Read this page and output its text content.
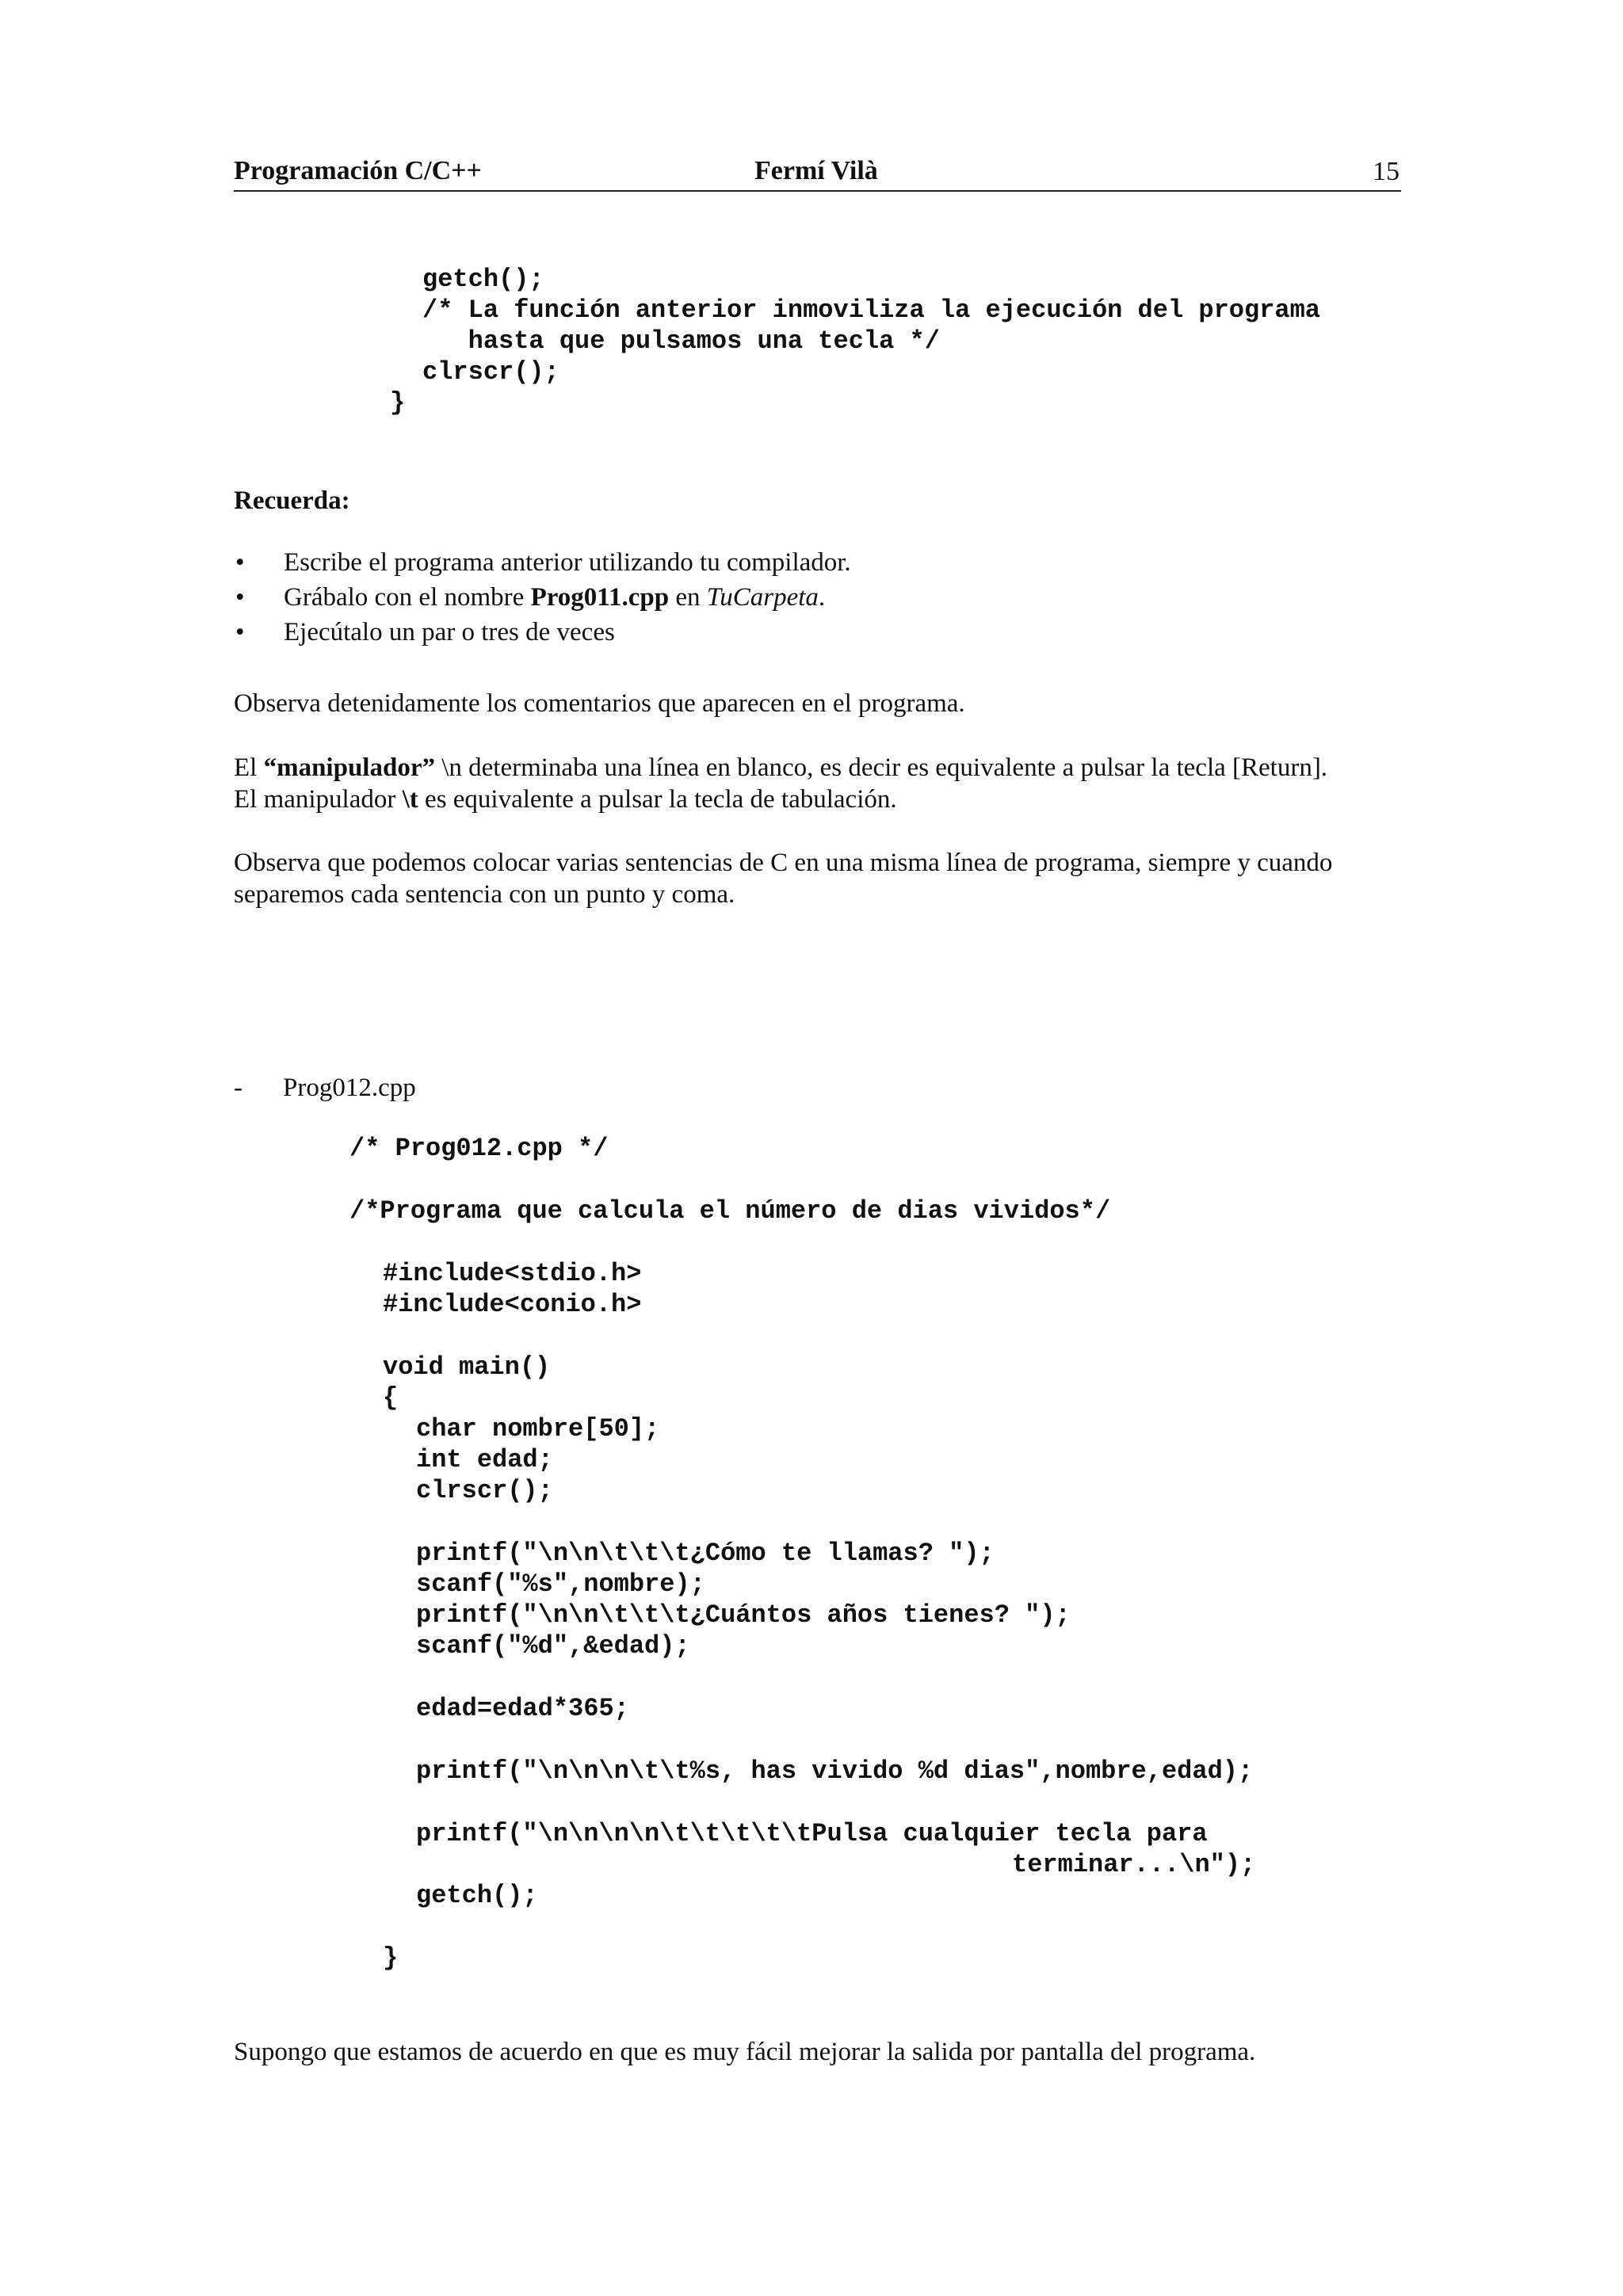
Programación C/C++	Fermí Vilà	15
getch();
/* La función anterior inmoviliza la ejecución del programa
hasta que pulsamos una tecla */
clrscr();
}
Recuerda:
• Escribe el programa anterior utilizando tu compilador.
• Grábalo con el nombre Prog011.cpp en TuCarpeta.
• Ejecútalo un par o tres de veces
Observa detenidamente los comentarios que aparecen en el programa.
El “manipulador” \n determinaba una línea en blanco, es decir es equivalente a pulsar la tecla [Return].
El manipulador \t es equivalente a pulsar la tecla de tabulación.
Observa que podemos colocar varias sentencias de C en una misma línea de programa, siempre y cuando
separemos cada sentencia con un punto y coma.
- Prog012.cpp
/* Prog012.cpp */
/*Programa que calcula el número de dias vividos*/
#include<stdio.h>
#include<conio.h>
void main()
{
char nombre[50];
int edad;
clrscr();
printf("\n\n\t\t\t¿Cómo te llamas? ");
scanf("%s",nombre);
printf("\n\n\t\t\t¿Cuántos años tienes? ");
scanf("%d",&edad);
edad=edad*365;
printf("\n\n\n\t\t%s, has vivido %d dias",nombre,edad);
printf("\n\n\n\n\t\t\t\t\tPulsa cualquier tecla para
terminar...\n");
getch();
}
Supongo que estamos de acuerdo en que es muy fácil mejorar la salida por pantalla del programa.
